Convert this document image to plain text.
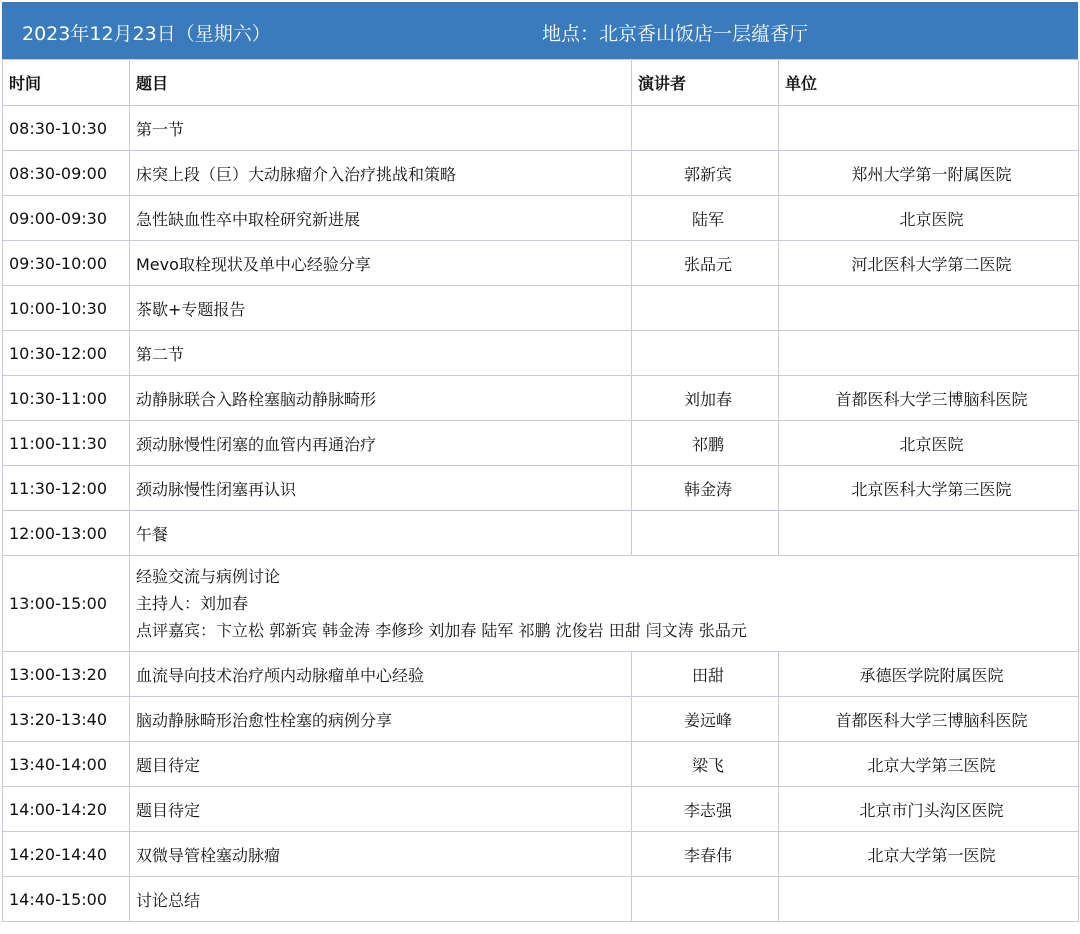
2023年12月23日（星期六）	地点：北京香山饭店一层蕴香厅
时间	题目	演讲者	单位
08:30-10:30	第一节		
08:30-09:00	床突上段（巨）大动脉瘤介入治疗挑战和策略	郭新宾	郑州大学第一附属医院
09:00-09:30	急性缺血性卒中取栓研究新进展	陆军	北京医院
09:30-10:00	Mevo取栓现状及单中心经验分享	张品元	河北医科大学第二医院
10:00-10:30	茶歇+专题报告		
10:30-12:00	第二节		
10:30-11:00	动静脉联合入路栓塞脑动静脉畸形	刘加春	首都医科大学三博脑科医院
11:00-11:30	颈动脉慢性闭塞的血管内再通治疗	祁鹏	北京医院
11:30-12:00	颈动脉慢性闭塞再认识	韩金涛	北京医科大学第三医院
12:00-13:00	午餐		
13:00-15:00	经验交流与病例讨论
主持人：刘加春
点评嘉宾：卞立松 郭新宾 韩金涛 李修珍 刘加春 陆军 祁鹏 沈俊岩 田甜 闫文涛 张品元		

13:00-13:20	血流导向技术治疗颅内动脉瘤单中心经验	田甜	承德医学院附属医院
13:20-13:40	脑动静脉畸形治愈性栓塞的病例分享	姜远峰	首都医科大学三博脑科医院
13:40-14:00	题目待定	梁飞	北京大学第三医院
14:00-14:20	题目待定	李志强	北京市门头沟区医院
14:20-14:40	双微导管栓塞动脉瘤	李春伟	北京大学第一医院
14:40-15:00	讨论总结		
